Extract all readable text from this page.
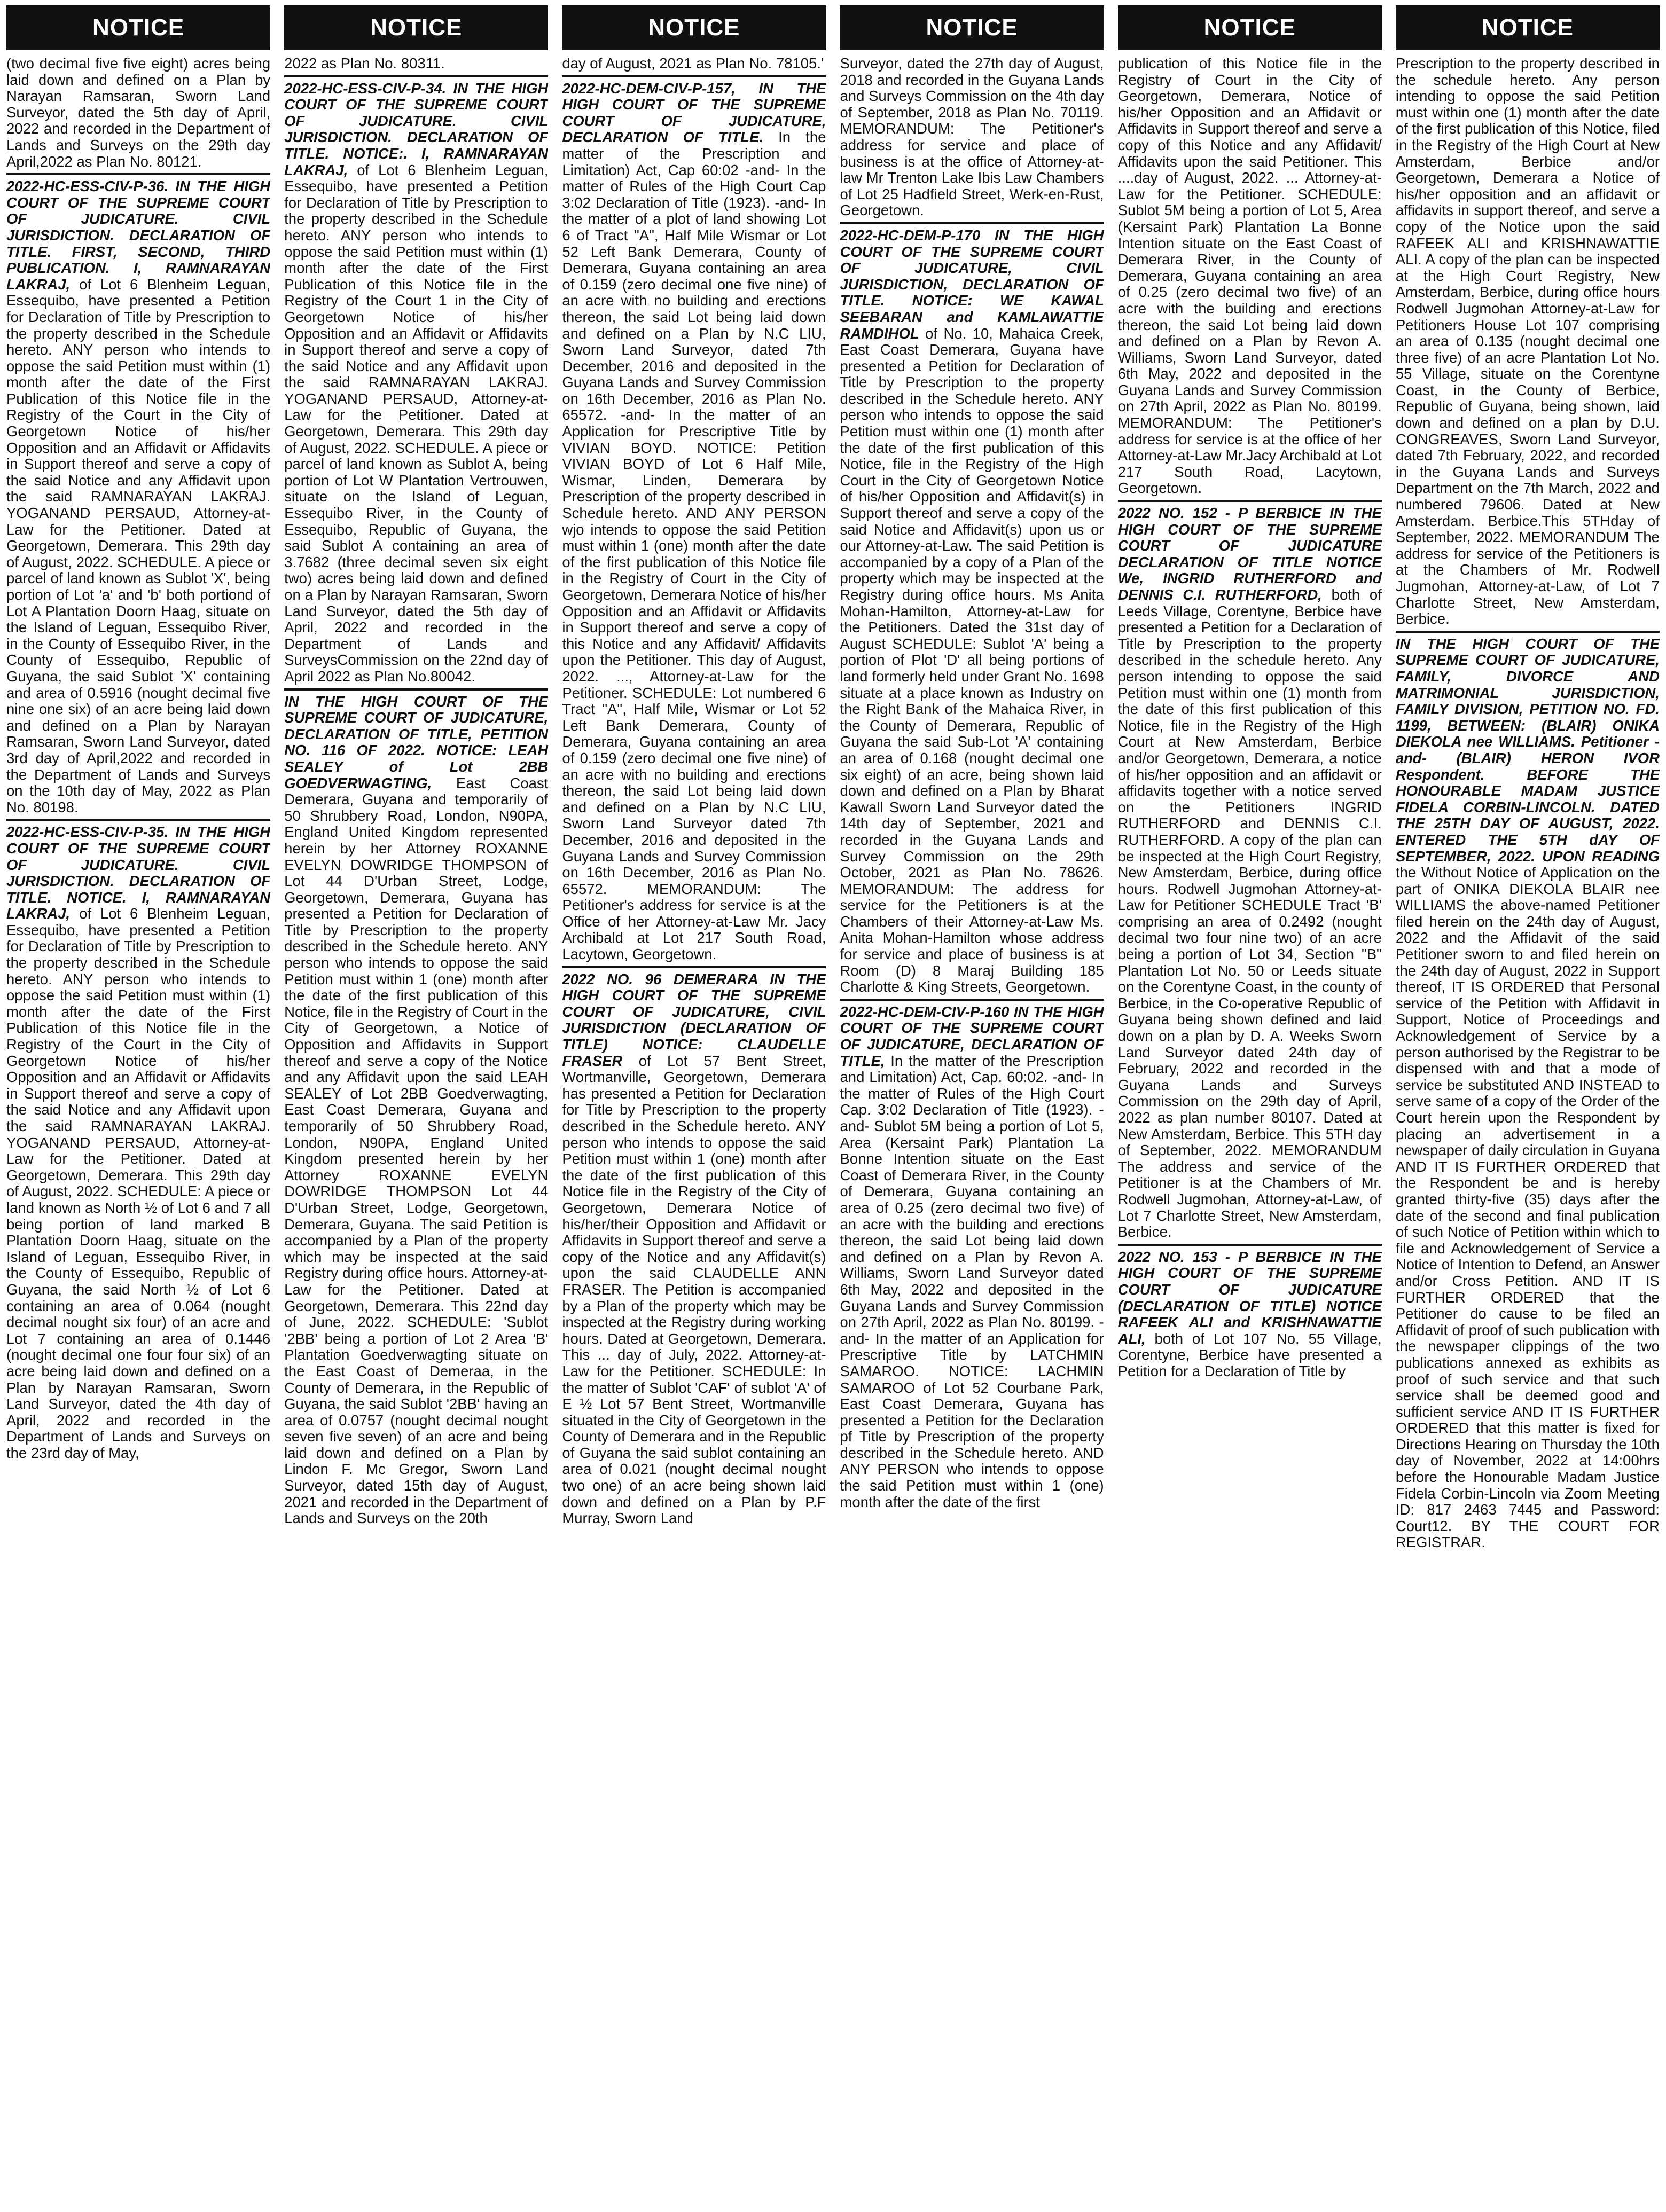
NOTICE

(two decimal five five eight) acres being laid down and defined on a Plan by Narayan Ramsaran, Sworn Land Surveyor, dated the 5th day of April, 2022 and recorded in the Department of Lands and Surveys on the 29th day April,2022 as Plan No. 80121.

2022-HC-ESS-CIV-P-36. IN THE HIGH COURT OF THE SUPREME COURT OF JUDICATURE. CIVIL JURISDICTION. DECLARATION OF TITLE. FIRST, SECOND, THIRD PUBLICATION. I, RAMNARAYAN LAKRAJ, of Lot 6 Blenheim Leguan, Essequibo, have presented a Petition for Declaration of Title by Prescription to the property described in the Schedule hereto. ANY person who intends to oppose the said Petition must within (1) month after the date of the First Publication of this Notice file in the Registry of the Court in the City of Georgetown Notice of his/her Opposition and an Affidavit or Affidavits in Support thereof and serve a copy of the said Notice and any Affidavit upon the said RAMNARAYAN LAKRAJ. YOGANAND PERSAUD, Attorney-at-Law for the Petitioner. Dated at Georgetown, Demerara. This 29th day of August, 2022. SCHEDULE. A piece or parcel of land known as Sublot 'X', being portion of Lot 'a' and 'b' both portiond of Lot A Plantation Doorn Haag, situate on the Island of Leguan, Essequibo River, in the County of Essequibo River, in the County of Essequibo, Republic of Guyana, the said Sublot 'X' containing and area of 0.5916 (nought decimal five nine one six) of an acre being laid down and defined on a Plan by Narayan Ramsaran, Sworn Land Surveyor, dated 3rd day of April,2022 and recorded in the Department of Lands and Surveys on the 10th day of May, 2022 as Plan No. 80198.

2022-HC-ESS-CIV-P-35. IN THE HIGH COURT OF THE SUPREME COURT OF JUDICATURE. CIVIL JURISDICTION. DECLARATION OF TITLE. NOTICE. I, RAMNARAYAN LAKRAJ, of Lot 6 Blenheim Leguan, Essequibo, have presented a Petition for Declaration of Title by Prescription to the property described in the Schedule hereto. ANY person who intends to oppose the said Petition must within (1) month after the date of the First Publication of this Notice file in the Registry of the Court in the City of Georgetown Notice of his/her Opposition and an Affidavit or Affidavits in Support thereof and serve a copy of the said Notice and any Affidavit upon the said RAMNARAYAN LAKRAJ. YOGANAND PERSAUD, Attorney-at-Law for the Petitioner. Dated at Georgetown, Demerara. This 29th day of August, 2022. SCHEDULE: A piece or land known as North ½ of Lot 6 and 7 all being portion of land marked B Plantation Doorn Haag, situate on the Island of Leguan, Essequibo River, in the County of Essequibo, Republic of Guyana, the said North ½ of Lot 6 containing an area of 0.064 (nought decimal nought six four) of an acre and Lot 7 containing an area of 0.1446 (nought decimal one four four six) of an acre being laid down and defined on a Plan by Narayan Ramsaran, Sworn Land Surveyor, dated the 4th day of April, 2022 and recorded in the Department of Lands and Surveys on the 23rd day of May,

NOTICE

2022 as Plan No. 80311.

2022-HC-ESS-CIV-P-34. IN THE HIGH COURT OF THE SUPREME COURT OF JUDICATURE. CIVIL JURISDICTION. DECLARATION OF TITLE. NOTICE:. I, RAMNARAYAN LAKRAJ, of Lot 6 Blenheim Leguan, Essequibo, have presented a Petition for Declaration of Title by Prescription to the property described in the Schedule hereto. ANY person who intends to oppose the said Petition must within (1) month after the date of the First Publication of this Notice file in the Registry of the Court 1 in the City of Georgetown Notice of his/her Opposition and an Affidavit or Affidavits in Support thereof and serve a copy of the said Notice and any Affidavit upon the said RAMNARAYAN LAKRAJ. YOGANAND PERSAUD, Attorney-at-Law for the Petitioner. Dated at Georgetown, Demerara. This 29th day of August, 2022. SCHEDULE. A piece or parcel of land known as Sublot A, being portion of Lot W Plantation Vertrouwen, situate on the Island of Leguan, Essequibo River, in the County of Essequibo, Republic of Guyana, the said Sublot A containing an area of 3.7682 (three decimal seven six eight two) acres being laid down and defined on a Plan by Narayan Ramsaran, Sworn Land Surveyor, dated the 5th day of April, 2022 and recorded in the Department of Lands and SurveysCommission on the 22nd day of April 2022 as Plan No.80042.

IN THE HIGH COURT OF THE SUPREME COURT OF JUDICATURE, DECLARATION OF TITLE, PETITION NO. 116 OF 2022. NOTICE: LEAH SEALEY of Lot 2BB GOEDVERWAGTING, East Coast Demerara, Guyana and temporarily of 50 Shrubbery Road, London, N90PA, England United Kingdom represented herein by her Attorney ROXANNE EVELYN DOWRIDGE THOMPSON of Lot 44 D'Urban Street, Lodge, Georgetown, Demerara, Guyana has presented a Petition for Declaration of Title by Prescription to the property described in the Schedule hereto. ANY person who intends to oppose the said Petition must within 1 (one) month after the date of the first publication of this Notice, file in the Registry of Court in the City of Georgetown, a Notice of Opposition and Affidavits in Support thereof and serve a copy of the Notice and any Affidavit upon the said LEAH SEALEY of Lot 2BB Goedverwagting, East Coast Demerara, Guyana and temporarily of 50 Shrubbery Road, London, N90PA, England United Kingdom presented herein by her Attorney ROXANNE EVELYN DOWRIDGE THOMPSON Lot 44 D'Urban Street, Lodge, Georgetown, Demerara, Guyana. The said Petition is accompanied by a Plan of the property which may be inspected at the said Registry during office hours. Attorney-at-Law for the Petitioner. Dated at Georgetown, Demerara. This 22nd day of June, 2022. SCHEDULE: 'Sublot '2BB' being a portion of Lot 2 Area 'B' Plantation Goedverwagting situate on the East Coast of Demeraa, in the County of Demerara, in the Republic of Guyana, the said Sublot '2BB' having an area of 0.0757 (nought decimal nought seven five seven) of an acre and being laid down and defined on a Plan by Lindon F. Mc Gregor, Sworn Land Surveyor, dated 15th day of August, 2021 and recorded in the Department of Lands and Surveys on the 20th

NOTICE

day of August, 2021 as Plan No. 78105.'

2022-HC-DEM-CIV-P-157, IN THE HIGH COURT OF THE SUPREME COURT OF JUDICATURE, DECLARATION OF TITLE. In the matter of the Prescription and Limitation) Act, Cap 60:02 -and- In the matter of Rules of the High Court Cap 3:02 Declaration of Title (1923). -and- In the matter of a plot of land showing Lot 6 of Tract "A", Half Mile Wismar or Lot 52 Left Bank Demerara, County of Demerara, Guyana containing an area of 0.159 (zero decimal one five nine) of an acre with no building and erections thereon, the said Lot being laid down and defined on a Plan by N.C LIU, Sworn Land Surveyor, dated 7th December, 2016 and deposited in the Guyana Lands and Survey Commission on 16th December, 2016 as Plan No. 65572. -and- In the matter of an Application for Prescriptive Title by VIVIAN BOYD. NOTICE: Petition VIVIAN BOYD of Lot 6 Half Mile, Wismar, Linden, Demerara by Prescription of the property described in Schedule hereto. AND ANY PERSON wjo intends to oppose the said Petition must within 1 (one) month after the date of the first publication of this Notice file in the Registry of Court in the City of Georgetown, Demerara Notice of his/her Opposition and an Affidavit or Affidavits in Support thereof and serve a copy of this Notice and any Affidavit/ Affidavits upon the Petitioner. This day of August, 2022. ..., Attorney-at-Law for the Petitioner. SCHEDULE: Lot numbered 6 Tract "A", Half Mile, Wismar or Lot 52 Left Bank Demerara, County of Demerara, Guyana containing an area of 0.159 (zero decimal one five nine) of an acre with no building and erections thereon, the said Lot being laid down and defined on a Plan by N.C LIU, Sworn Land Surveyor dated 7th December, 2016 and deposited in the Guyana Lands and Survey Commission on 16th December, 2016 as Plan No. 65572. MEMORANDUM: The Petitioner's address for service is at the Office of her Attorney-at-Law Mr. Jacy Archibald at Lot 217 South Road, Lacytown, Georgetown.

2022 NO. 96 DEMERARA IN THE HIGH COURT OF THE SUPREME COURT OF JUDICATURE, CIVIL JURISDICTION (DECLARATION OF TITLE) NOTICE: CLAUDELLE FRASER of Lot 57 Bent Street, Wortmanville, Georgetown, Demerara has presented a Petition for Declaration for Title by Prescription to the property described in the Schedule hereto. ANY person who intends to oppose the said Petition must within 1 (one) month after the date of the first publication of this Notice file in the Registry of the City of Georgetown, Demerara Notice of his/her/their Opposition and Affidavit or Affidavits in Support thereof and serve a copy of the Notice and any Affidavit(s) upon the said CLAUDELLE ANN FRASER. The Petition is accompanied by a Plan of the property which may be inspected at the Registry during working hours. Dated at Georgetown, Demerara. This ... day of July, 2022. Attorney-at-Law for the Petitioner. SCHEDULE: In the matter of Sublot 'CAF' of sublot 'A' of E ½ Lot 57 Bent Street, Wortmanville situated in the City of Georgetown in the County of Demerara and in the Republic of Guyana the said sublot containing an area of 0.021 (nought decimal nought two one) of an acre being shown laid down and defined on a Plan by P.F Murray, Sworn Land

NOTICE

Surveyor, dated the 27th day of August, 2018 and recorded in the Guyana Lands and Surveys Commission on the 4th day of September, 2018 as Plan No. 70119. MEMORANDUM: The Petitioner's address for service and place of business is at the office of Attorney-at-law Mr Trenton Lake Ibis Law Chambers of Lot 25 Hadfield Street, Werk-en-Rust, Georgetown.

2022-HC-DEM-P-170 IN THE HIGH COURT OF THE SUPREME COURT OF JUDICATURE, CIVIL JURISDICTION, DECLARATION OF TITLE. NOTICE: WE KAWAL SEEBARAN and KAMLAWATTIE RAMDIHOL of No. 10, Mahaica Creek, East Coast Demerara, Guyana have presented a Petition for Declaration of Title by Prescription to the property described in the Schedule hereto. ANY person who intends to oppose the said Petition must within one (1) month after the date of the first publication of this Notice, file in the Registry of the High Court in the City of Georgetown Notice of his/her Opposition and Affidavit(s) in Support thereof and serve a copy of the said Notice and Affidavit(s) upon us or our Attorney-at-Law. The said Petition is accompanied by a copy of a Plan of the property which may be inspected at the Registry during office hours. Ms Anita Mohan-Hamilton, Attorney-at-Law for the Petitioners. Dated the 31st day of August SCHEDULE: Sublot 'A' being a portion of Plot 'D' all being portions of land formerly held under Grant No. 1698 situate at a place known as Industry on the Right Bank of the Mahaica River, in the County of Demerara, Republic of Guyana the said Sub-Lot 'A' containing an area of 0.168 (nought decimal one six eight) of an acre, being shown laid down and defined on a Plan by Bharat Kawall Sworn Land Surveyor dated the 14th day of September, 2021 and recorded in the Guyana Lands and Survey Commission on the 29th October, 2021 as Plan No. 78626. MEMORANDUM: The address for service for the Petitioners is at the Chambers of their Attorney-at-Law Ms. Anita Mohan-Hamilton whose address for service and place of business is at Room (D) 8 Maraj Building 185 Charlotte & King Streets, Georgetown.

2022-HC-DEM-CIV-P-160 IN THE HIGH COURT OF THE SUPREME COURT OF JUDICATURE, DECLARATION OF TITLE, In the matter of the Prescription and Limitation) Act, Cap. 60:02. -and- In the matter of Rules of the High Court Cap. 3:02 Declaration of Title (1923). -and- Sublot 5M being a portion of Lot 5, Area (Kersaint Park) Plantation La Bonne Intention situate on the East Coast of Demerara River, in the County of Demerara, Guyana containing an area of 0.25 (zero decimal two five) of an acre with the building and erections thereon, the said Lot being laid down and defined on a Plan by Revon A. Williams, Sworn Land Surveyor dated 6th May, 2022 and deposited in the Guyana Lands and Survey Commission on 27th April, 2022 as Plan No. 80199. -and- In the matter of an Application for Prescriptive Title by LATCHMIN SAMAROO. NOTICE: LACHMIN SAMAROO of Lot 52 Courbane Park, East Coast Demerara, Guyana has presented a Petition for the Declaration pf Title by Prescription of the property described in the Schedule hereto. AND ANY PERSON who intends to oppose the said Petition must within 1 (one) month after the date of the first

NOTICE

publication of this Notice file in the Registry of Court in the City of Georgetown, Demerara, Notice of his/her Opposition and an Affidavit or Affidavits in Support thereof and serve a copy of this Notice and any Affidavit/ Affidavits upon the said Petitioner. This ....day of August, 2022. ... Attorney-at-Law for the Petitioner. SCHEDULE: Sublot 5M being a portion of Lot 5, Area (Kersaint Park) Plantation La Bonne Intention situate on the East Coast of Demerara River, in the County of Demerara, Guyana containing an area of 0.25 (zero decimal two five) of an acre with the building and erections thereon, the said Lot being laid down and defined on a Plan by Revon A. Williams, Sworn Land Surveyor, dated 6th May, 2022 and deposited in the Guyana Lands and Survey Commission on 27th April, 2022 as Plan No. 80199. MEMORANDUM: The Petitioner's address for service is at the office of her Attorney-at-Law Mr.Jacy Archibald at Lot 217 South Road, Lacytown, Georgetown.

2022 NO. 152 - P BERBICE IN THE HIGH COURT OF THE SUPREME COURT OF JUDICATURE DECLARATION OF TITLE NOTICE We, INGRID RUTHERFORD and DENNIS C.I. RUTHERFORD, both of Leeds Village, Corentyne, Berbice have presented a Petition for a Declaration of Title by Prescription to the property described in the schedule hereto. Any person intending to oppose the said Petition must within one (1) month from the date of this first publication of this Notice, file in the Registry of the High Court at New Amsterdam, Berbice and/or Georgetown, Demerara, a notice of his/her opposition and an affidavit or affidavits together with a notice served on the Petitioners INGRID RUTHERFORD and DENNIS C.I. RUTHERFORD. A copy of the plan can be inspected at the High Court Registry, New Amsterdam, Berbice, during office hours. Rodwell Jugmohan Attorney-at-Law for Petitioner SCHEDULE Tract 'B' comprising an area of 0.2492 (nought decimal two four nine two) of an acre being a portion of Lot 34, Section "B" Plantation Lot No. 50 or Leeds situate on the Corentyne Coast, in the county of Berbice, in the Co-operative Republic of Guyana being shown defined and laid down on a plan by D. A. Weeks Sworn Land Surveyor dated 24th day of February, 2022 and recorded in the Guyana Lands and Surveys Commission on the 29th day of April, 2022 as plan number 80107. Dated at New Amsterdam, Berbice. This 5TH day of September, 2022. MEMORANDUM The address and service of the Petitioner is at the Chambers of Mr. Rodwell Jugmohan, Attorney-at-Law, of Lot 7 Charlotte Street, New Amsterdam, Berbice.

2022 NO. 153 - P BERBICE IN THE HIGH COURT OF THE SUPREME COURT OF JUDICATURE (DECLARATION OF TITLE) NOTICE RAFEEK ALI and KRISHNAWATTIE ALI, both of Lot 107 No. 55 Village, Corentyne, Berbice have presented a Petition for a Declaration of Title by

NOTICE

Prescription to the property described in the schedule hereto. Any person intending to oppose the said Petition must within one (1) month after the date of the first publication of this Notice, filed in the Registry of the High Court at New Amsterdam, Berbice and/or Georgetown, Demerara a Notice of his/her opposition and an affidavit or affidavits in support thereof, and serve a copy of the Notice upon the said RAFEEK ALI and KRISHNAWATTIE ALI. A copy of the plan can be inspected at the High Court Registry, New Amsterdam, Berbice, during office hours Rodwell Jugmohan Attorney-at-Law for Petitioners House Lot 107 comprising an area of 0.135 (nought decimal one three five) of an acre Plantation Lot No. 55 Village, situate on the Corentyne Coast, in the County of Berbice, Republic of Guyana, being shown, laid down and defined on a plan by D.U. CONGREAVES, Sworn Land Surveyor, dated 7th February, 2022, and recorded in the Guyana Lands and Surveys Department on the 7th March, 2022 and numbered 79606. Dated at New Amsterdam. Berbice.This 5THday of September, 2022. MEMORANDUM The address for service of the Petitioners is at the Chambers of Mr. Rodwell Jugmohan, Attorney-at-Law, of Lot 7 Charlotte Street, New Amsterdam, Berbice.

IN THE HIGH COURT OF THE SUPREME COURT OF JUDICATURE, FAMILY, DIVORCE AND MATRIMONIAL JURISDICTION, FAMILY DIVISION, PETITION NO. FD. 1199, BETWEEN: (BLAIR) ONIKA DIEKOLA nee WILLIAMS. Petitioner -and- (BLAIR) HERON IVOR Respondent. BEFORE THE HONOURABLE MADAM JUSTICE FIDELA CORBIN-LINCOLN. DATED THE 25TH DAY OF AUGUST, 2022. ENTERED THE 5TH dAY OF SEPTEMBER, 2022. UPON READING the Without Notice of Application on the part of ONIKA DIEKOLA BLAIR nee WILLIAMS the above-named Petitioner filed herein on the 24th day of August, 2022 and the Affidavit of the said Petitioner sworn to and filed herein on the 24th day of August, 2022 in Support thereof, IT IS ORDERED that Personal service of the Petition with Affidavit in Support, Notice of Proceedings and Acknowledgement of Service by a person authorised by the Registrar to be dispensed with and that a mode of service be substituted AND INSTEAD to serve same of a copy of the Order of the Court herein upon the Respondent by placing an advertisement in a newspaper of daily circulation in Guyana AND IT IS FURTHER ORDERED that the Respondent be and is hereby granted thirty-five (35) days after the date of the second and final publication of such Notice of Petition within which to file and Acknowledgement of Service a Notice of Intention to Defend, an Answer and/or Cross Petition. AND IT IS FURTHER ORDERED that the Petitioner do cause to be filed an Affidavit of proof of such publication with the newspaper clippings of the two publications annexed as exhibits as proof of such service and that such service shall be deemed good and sufficient service AND IT IS FURTHER ORDERED that this matter is fixed for Directions Hearing on Thursday the 10th day of November, 2022 at 14:00hrs before the Honourable Madam Justice Fidela Corbin-Lincoln via Zoom Meeting ID: 817 2463 7445 and Password: Court12. BY THE COURT FOR REGISTRAR.
